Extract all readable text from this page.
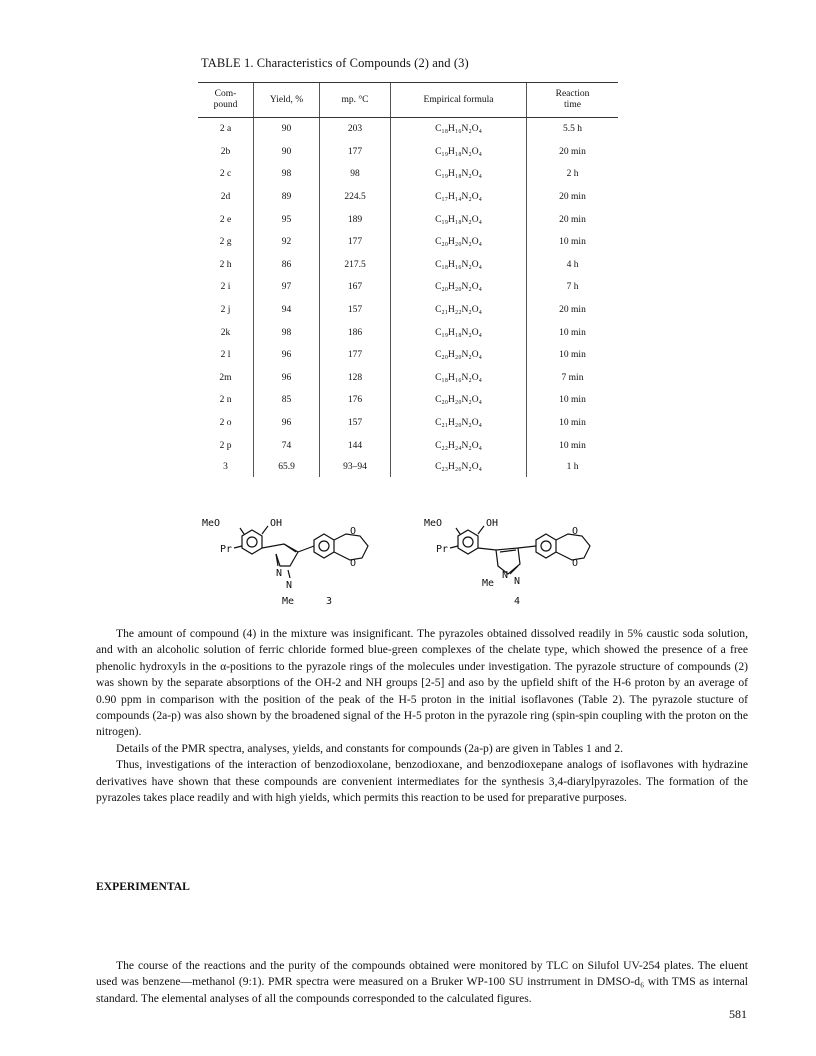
TABLE 1. Characteristics of Compounds (2) and (3)
Com-
pound	Yield, %	mp. °C	Empirical formula	Reaction
time
2 a	90	203	C₁₈H₁₆N₂O₄	5.5 h
2b	90	177	C₁₉H₁₈N₂O₄	20 min
2 c	98	98	C₁₉H₁₈N₂O₄	2 h
2d	89	224.5	C₁₇H₁₄N₂O₄	20 min
2 e	95	189	C₁₉H₁₈N₂O₄	20 min
2 g	92	177	C₂₀H₂₀N₂O₄	10 min
2 h	86	217.5	C₁₈H₁₆N₂O₄	4 h
2 i	97	167	C₂₀H₂₀N₂O₄	7 h
2 j	94	157	C₂₁H₂₂N₂O₄	20 min
2k	98	186	C₁₉H₁₈N₂O₄	10 min
2 l	96	177	C₂₀H₂₀N₂O₄	10 min
2m	96	128	C₁₈H₁₆N₂O₄	7 min
2 n	85	176	C₂₀H₂₀N₂O₄	10 min
2 o	96	157	C₂₁H₂₀N₂O₄	10 min
2 p	74	144	C₂₂H₂₄N₂O₄	10 min
3	65.9	93–94	C₂₃H₂₆N₂O₄	1 h
MeO	OH
Pr
O
O
N
N
Me	3
MeO	OH
Pr
O
O
N
N
Me
4

The amount of compound (4) in the mixture was insignificant. The pyrazoles obtained dissolved readily in 5% caustic soda solution, and with an alcoholic solution of ferric chloride formed blue-green complexes of the chelate type, which showed the presence of a free phenolic hydroxyls in the α-positions to the pyrazole rings of the molecules under investigation. The pyrazole structure of compounds (2) was shown by the separate absorptions of the OH-2 and NH groups [2-5] and aso by the upfield shift of the H-6 proton by an average of 0.90 ppm in comparison with the position of the peak of the H-5 proton in the initial isoflavones (Table 2). The pyrazole stucture of compounds (2a-p) was also shown by the broadened signal of the H-5 proton in the pyrazole ring (spin-spin coupling with the proton on the nitrogen).

Details of the PMR spectra, analyses, yields, and constants for compounds (2a-p) are given in Tables 1 and 2.

Thus, investigations of the interaction of benzodioxolane, benzodioxane, and benzodioxepane analogs of isoflavones with hydrazine derivatives have shown that these compounds are convenient intermediates for the synthesis 3,4-diarylpyrazoles. The formation of the pyrazoles takes place readily and with high yields, which permits this reaction to be used for preparative purposes.

EXPERIMENTAL

The course of the reactions and the purity of the compounds obtained were monitored by TLC on Silufol UV-254 plates. The eluent used was benzene—methanol (9:1). PMR spectra were measured on a Bruker WP-100 SU instrrument in DMSO-d₆ with TMS as internal standard. The elemental analyses of all the compounds corresponded to the calculated figures.

581
